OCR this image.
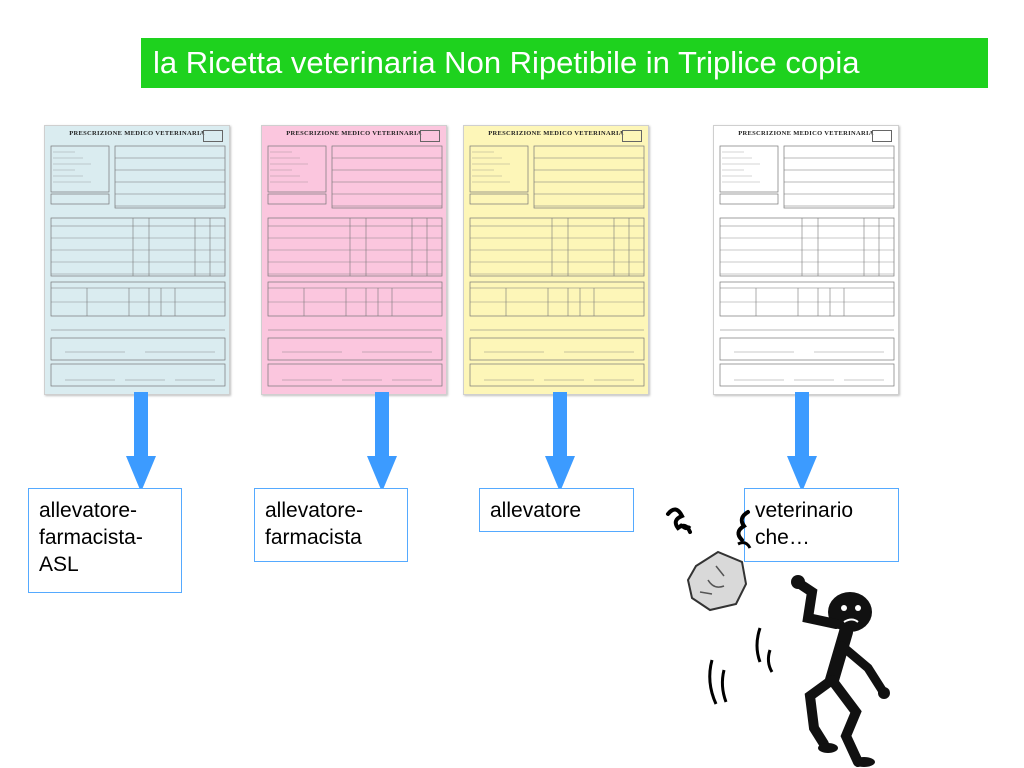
la Ricetta veterinaria Non Ripetibile in Triplice copia
PRESCRIZIONE MEDICO VETERINARIA	PRESCRIZIONE MEDICO VETERINARIA	PRESCRIZIONE MEDICO VETERINARIA	PRESCRIZIONE MEDICO VETERINARIA
allevatore-
farmacista-
ASL
allevatore-
farmacista
allevatore	veterinario
che…
